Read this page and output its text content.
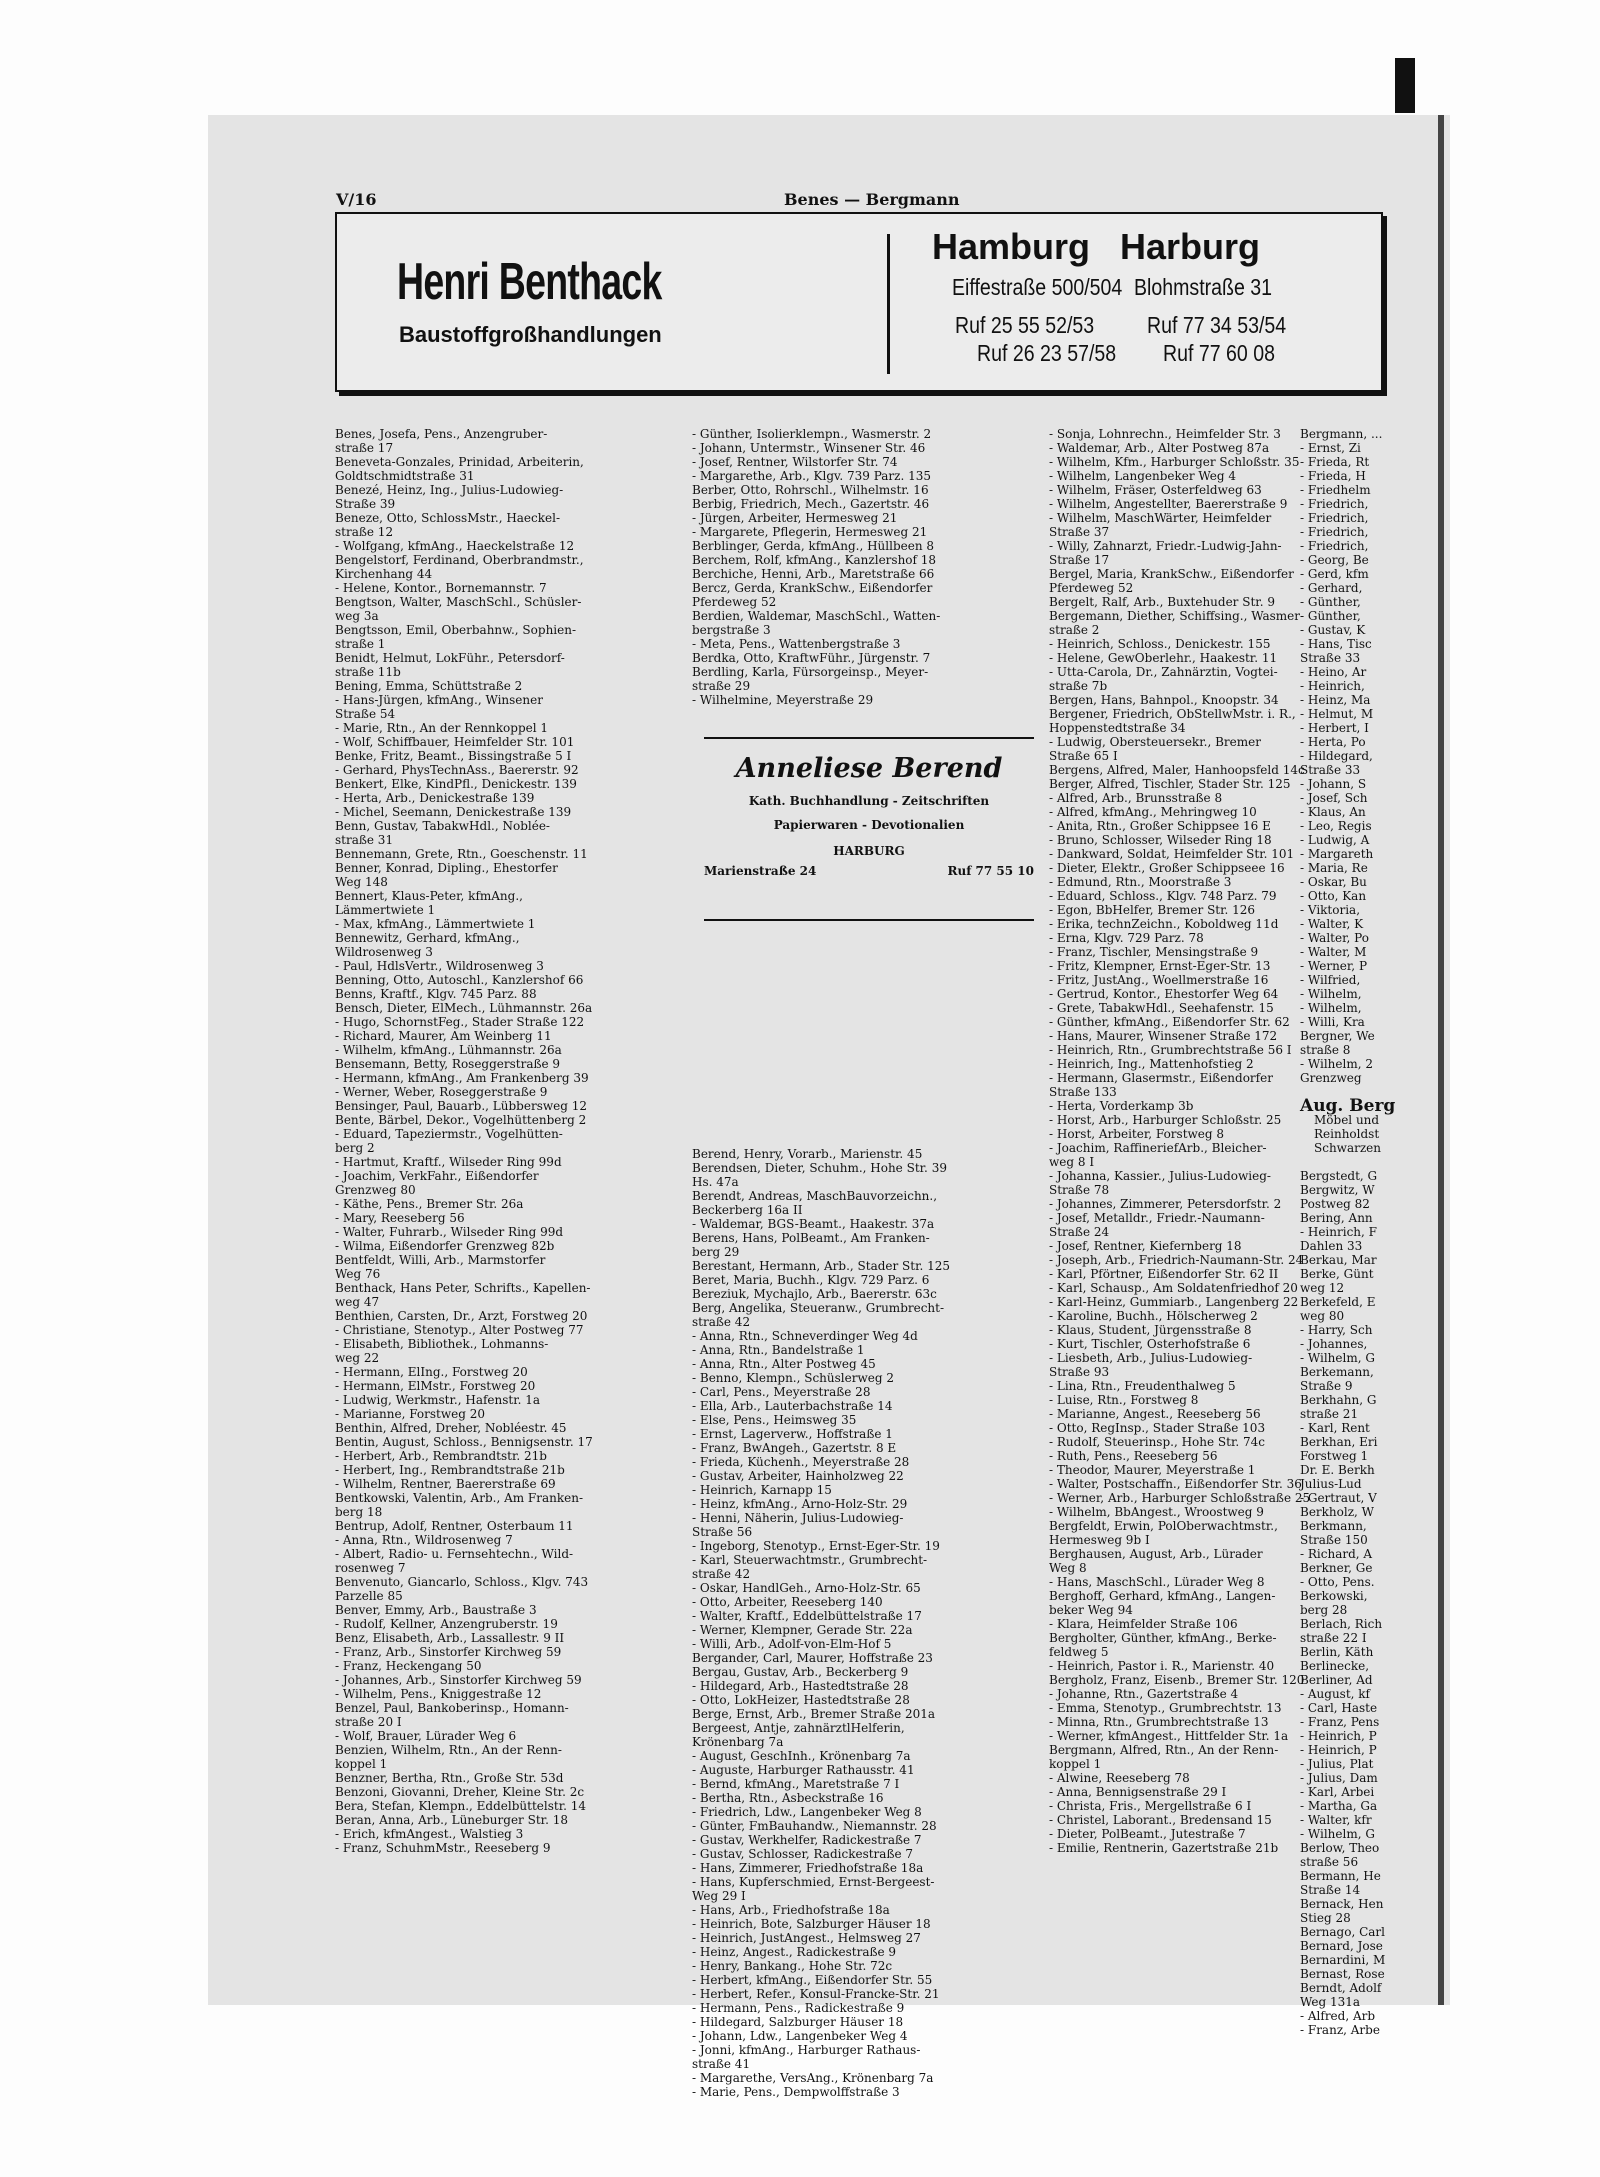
V/16	Benes — Bergmann
Henri Benthack
Baustoffgroßhandlungen
Hamburg
Eiffestraße 500/504
Ruf 25 55 52/53
Ruf 26 23 57/58
Harburg
Blohmstraße 31
Ruf 77 34 53/54
Ruf 77 60 08
Benes, Josefa, Pens., Anzengruber-
straße 17
Beneveta-Gonzales, Prinidad, Arbeiterin,
Goldtschmidtstraße 31
Benezé, Heinz, Ing., Julius-Ludowieg-
Straße 39
Beneze, Otto, SchlossMstr., Haeckel-
straße 12
- Wolfgang, kfmAng., Haeckelstraße 12
Bengelstorf, Ferdinand, Oberbrandmstr.,
Kirchenhang 44
- Helene, Kontor., Bornemannstr. 7
Bengtson, Walter, MaschSchl., Schüsler-
weg 3a
Bengtsson, Emil, Oberbahnw., Sophien-
straße 1
Benidt, Helmut, LokFühr., Petersdorf-
straße 11b
Bening, Emma, Schüttstraße 2
- Hans-Jürgen, kfmAng., Winsener
Straße 54
- Marie, Rtn., An der Rennkoppel 1
- Wolf, Schiffbauer, Heimfelder Str. 101
Benke, Fritz, Beamt., Bissingstraße 5 I
- Gerhard, PhysTechnAss., Baererstr. 92
Benkert, Elke, KindPfl., Denickestr. 139
- Herta, Arb., Denickestraße 139
- Michel, Seemann, Denickestraße 139
Benn, Gustav, TabakwHdl., Noblée-
straße 31
Bennemann, Grete, Rtn., Goeschenstr. 11
Benner, Konrad, Dipling., Ehestorfer
Weg 148
Bennert, Klaus-Peter, kfmAng.,
Lämmertwiete 1
- Max, kfmAng., Lämmertwiete 1
Bennewitz, Gerhard, kfmAng.,
Wildrosenweg 3
- Paul, HdlsVertr., Wildrosenweg 3
Benning, Otto, Autoschl., Kanzlershof 66
Benns, Kraftf., Klgv. 745 Parz. 88
Bensch, Dieter, ElMech., Lühmannstr. 26a
- Hugo, SchornstFeg., Stader Straße 122
- Richard, Maurer, Am Weinberg 11
- Wilhelm, kfmAng., Lühmannstr. 26a
Bensemann, Betty, Roseggerstraße 9
- Hermann, kfmAng., Am Frankenberg 39
- Werner, Weber, Roseggerstraße 9
Bensinger, Paul, Bauarb., Lübbersweg 12
Bente, Bärbel, Dekor., Vogelhüttenberg 2
- Eduard, Tapeziermstr., Vogelhütten-
berg 2
- Hartmut, Kraftf., Wilseder Ring 99d
- Joachim, VerkFahr., Eißendorfer
Grenzweg 80
- Käthe, Pens., Bremer Str. 26a
- Mary, Reeseberg 56
- Walter, Fuhrarb., Wilseder Ring 99d
- Wilma, Eißendorfer Grenzweg 82b
Bentfeldt, Willi, Arb., Marmstorfer
Weg 76
Benthack, Hans Peter, Schrifts., Kapellen-
weg 47
Benthien, Carsten, Dr., Arzt, Forstweg 20
- Christiane, Stenotyp., Alter Postweg 77
- Elisabeth, Bibliothek., Lohmanns-
weg 22
- Hermann, ElIng., Forstweg 20
- Hermann, ElMstr., Forstweg 20
- Ludwig, Werkmstr., Hafenstr. 1a
- Marianne, Forstweg 20
Benthin, Alfred, Dreher, Nobléestr. 45
Bentin, August, Schloss., Bennigsenstr. 17
- Herbert, Arb., Rembrandtstr. 21b
- Herbert, Ing., Rembrandtstraße 21b
- Wilhelm, Rentner, Baererstraße 69
Bentkowski, Valentin, Arb., Am Franken-
berg 18
Bentrup, Adolf, Rentner, Osterbaum 11
- Anna, Rtn., Wildrosenweg 7
- Albert, Radio- u. Fernsehtechn., Wild-
rosenweg 7
Benvenuto, Giancarlo, Schloss., Klgv. 743
Parzelle 85
Benver, Emmy, Arb., Baustraße 3
- Rudolf, Kellner, Anzengruberstr. 19
Benz, Elisabeth, Arb., Lassallestr. 9 II
- Franz, Arb., Sinstorfer Kirchweg 59
- Franz, Heckengang 50
- Johannes, Arb., Sinstorfer Kirchweg 59
- Wilhelm, Pens., Kniggestraße 12
Benzel, Paul, Bankoberinsp., Homann-
straße 20 I
- Wolf, Brauer, Lürader Weg 6
Benzien, Wilhelm, Rtn., An der Renn-
koppel 1
Benzner, Bertha, Rtn., Große Str. 53d
Benzoni, Giovanni, Dreher, Kleine Str. 2c
Bera, Stefan, Klempn., Eddelbüttelstr. 14
Beran, Anna, Arb., Lüneburger Str. 18
- Erich, kfmAngest., Walstieg 3
- Franz, SchuhmMstr., Reeseberg 9
- Günther, Isolierklempn., Wasmerstr. 2
- Johann, Untermstr., Winsener Str. 46
- Josef, Rentner, Wilstorfer Str. 74
- Margarethe, Arb., Klgv. 739 Parz. 135
Berber, Otto, Rohrschl., Wilhelmstr. 16
Berbig, Friedrich, Mech., Gazertstr. 46
- Jürgen, Arbeiter, Hermesweg 21
- Margarete, Pflegerin, Hermesweg 21
Berblinger, Gerda, kfmAng., Hüllbeen 8
Berchem, Rolf, kfmAng., Kanzlershof 18
Berchiche, Henni, Arb., Maretstraße 66
Bercz, Gerda, KrankSchw., Eißendorfer
Pferdeweg 52
Berdien, Waldemar, MaschSchl., Watten-
bergstraße 3
- Meta, Pens., Wattenbergstraße 3
Berdka, Otto, KraftwFühr., Jürgenstr. 7
Berdling, Karla, Fürsorgeinsp., Meyer-
straße 29
- Wilhelmine, Meyerstraße 29
Anneliese Berend
Kath. Buchhandlung - Zeitschriften
Papierwaren - Devotionalien
HARBURG
Marienstraße 24	Ruf 77 55 10
Berend, Henry, Vorarb., Marienstr. 45
Berendsen, Dieter, Schuhm., Hohe Str. 39
Hs. 47a
Berendt, Andreas, MaschBauvorzeichn.,
Beckerberg 16a II
- Waldemar, BGS-Beamt., Haakestr. 37a
Berens, Hans, PolBeamt., Am Franken-
berg 29
Berestant, Hermann, Arb., Stader Str. 125
Beret, Maria, Buchh., Klgv. 729 Parz. 6
Bereziuk, Mychajlo, Arb., Baererstr. 63c
Berg, Angelika, Steueranw., Grumbrecht-
straße 42
- Anna, Rtn., Schneverdinger Weg 4d
- Anna, Rtn., Bandelstraße 1
- Anna, Rtn., Alter Postweg 45
- Benno, Klempn., Schüslerweg 2
- Carl, Pens., Meyerstraße 28
- Ella, Arb., Lauterbachstraße 14
- Else, Pens., Heimsweg 35
- Ernst, Lagerverw., Hoffstraße 1
- Franz, BwAngeh., Gazertstr. 8 E
- Frieda, Küchenh., Meyerstraße 28
- Gustav, Arbeiter, Hainholzweg 22
- Heinrich, Karnapp 15
- Heinz, kfmAng., Arno-Holz-Str. 29
- Henni, Näherin, Julius-Ludowieg-
Straße 56
- Ingeborg, Stenotyp., Ernst-Eger-Str. 19
- Karl, Steuerwachtmstr., Grumbrecht-
straße 42
- Oskar, HandlGeh., Arno-Holz-Str. 65
- Otto, Arbeiter, Reeseberg 140
- Walter, Kraftf., Eddelbüttelstraße 17
- Werner, Klempner, Gerade Str. 22a
- Willi, Arb., Adolf-von-Elm-Hof 5
Bergander, Carl, Maurer, Hoffstraße 23
Bergau, Gustav, Arb., Beckerberg 9
- Hildegard, Arb., Hastedtstraße 28
- Otto, LokHeizer, Hastedtstraße 28
Berge, Ernst, Arb., Bremer Straße 201a
Bergeest, Antje, zahnärztlHelferin,
Krönenbarg 7a
- August, GeschInh., Krönenbarg 7a
- Auguste, Harburger Rathausstr. 41
- Bernd, kfmAng., Maretstraße 7 I
- Bertha, Rtn., Asbeckstraße 16
- Friedrich, Ldw., Langenbeker Weg 8
- Günter, FmBauhandw., Niemannstr. 28
- Gustav, Werkhelfer, Radickestraße 7
- Gustav, Schlosser, Radickestraße 7
- Hans, Zimmerer, Friedhofstraße 18a
- Hans, Kupferschmied, Ernst-Bergeest-
Weg 29 I
- Hans, Arb., Friedhofstraße 18a
- Heinrich, Bote, Salzburger Häuser 18
- Heinrich, JustAngest., Helmsweg 27
- Heinz, Angest., Radickestraße 9
- Henry, Bankang., Hohe Str. 72c
- Herbert, kfmAng., Eißendorfer Str. 55
- Herbert, Refer., Konsul-Francke-Str. 21
- Hermann, Pens., Radickestraße 9
- Hildegard, Salzburger Häuser 18
- Johann, Ldw., Langenbeker Weg 4
- Jonni, kfmAng., Harburger Rathaus-
straße 41
- Margarethe, VersAng., Krönenbarg 7a
- Marie, Pens., Dempwolffstraße 3
- Sonja, Lohnrechn., Heimfelder Str. 3
- Waldemar, Arb., Alter Postweg 87a
- Wilhelm, Kfm., Harburger Schloßstr. 35
- Wilhelm, Langenbeker Weg 4
- Wilhelm, Fräser, Osterfeldweg 63
- Wilhelm, Angestellter, Baererstraße 9
- Wilhelm, MaschWärter, Heimfelder
Straße 37
- Willy, Zahnarzt, Friedr.-Ludwig-Jahn-
Straße 17
Bergel, Maria, KrankSchw., Eißendorfer
Pferdeweg 52
Bergelt, Ralf, Arb., Buxtehuder Str. 9
Bergemann, Diether, Schiffsing., Wasmer-
straße 2
- Heinrich, Schloss., Denickestr. 155
- Helene, GewOberlehr., Haakestr. 11
- Utta-Carola, Dr., Zahnärztin, Vogtei-
straße 7b
Bergen, Hans, Bahnpol., Knoopstr. 34
Bergener, Friedrich, ObStellwMstr. i. R.,
Hoppenstedtstraße 34
- Ludwig, Obersteuersekr., Bremer
Straße 65 I
Bergens, Alfred, Maler, Hanhoopsfeld 14c
Berger, Alfred, Tischler, Stader Str. 125
- Alfred, Arb., Brunsstraße 8
- Alfred, kfmAng., Mehringweg 10
- Anita, Rtn., Großer Schippsee 16 E
- Bruno, Schlosser, Wilseder Ring 18
- Dankward, Soldat, Heimfelder Str. 101
- Dieter, Elektr., Großer Schippseee 16
- Edmund, Rtn., Moorstraße 3
- Eduard, Schloss., Klgv. 748 Parz. 79
- Egon, BbHelfer, Bremer Str. 126
- Erika, technZeichn., Koboldweg 11d
- Erna, Klgv. 729 Parz. 78
- Franz, Tischler, Mensingstraße 9
- Fritz, Klempner, Ernst-Eger-Str. 13
- Fritz, JustAng., Woellmerstraße 16
- Gertrud, Kontor., Ehestorfer Weg 64
- Grete, TabakwHdl., Seehafenstr. 15
- Günther, kfmAng., Eißendorfer Str. 62
- Hans, Maurer, Winsener Straße 172
- Heinrich, Rtn., Grumbrechtstraße 56 I
- Heinrich, Ing., Mattenhofstieg 2
- Hermann, Glasermstr., Eißendorfer
Straße 133
- Herta, Vorderkamp 3b
- Horst, Arb., Harburger Schloßstr. 25
- Horst, Arbeiter, Forstweg 8
- Joachim, RaffineriefArb., Bleicher-
weg 8 I
- Johanna, Kassier., Julius-Ludowieg-
Straße 78
- Johannes, Zimmerer, Petersdorfstr. 2
- Josef, Metalldr., Friedr.-Naumann-
Straße 24
- Josef, Rentner, Kiefernberg 18
- Joseph, Arb., Friedrich-Naumann-Str. 24
- Karl, Pförtner, Eißendorfer Str. 62 II
- Karl, Schausp., Am Soldatenfriedhof 20
- Karl-Heinz, Gummiarb., Langenberg 22
- Karoline, Buchh., Hölscherweg 2
- Klaus, Student, Jürgensstraße 8
- Kurt, Tischler, Osterhofstraße 6
- Liesbeth, Arb., Julius-Ludowieg-
Straße 93
- Lina, Rtn., Freudenthalweg 5
- Luise, Rtn., Forstweg 8
- Marianne, Angest., Reeseberg 56
- Otto, RegInsp., Stader Straße 103
- Rudolf, Steuerinsp., Hohe Str. 74c
- Ruth, Pens., Reeseberg 56
- Theodor, Maurer, Meyerstraße 1
- Walter, Postschaffn., Eißendorfer Str. 36
- Werner, Arb., Harburger Schloßstraße 25
- Wilhelm, BbAngest., Wroostweg 9
Bergfeldt, Erwin, PolOberwachtmstr.,
Hermesweg 9b I
Berghausen, August, Arb., Lürader
Weg 8
- Hans, MaschSchl., Lürader Weg 8
Berghoff, Gerhard, kfmAng., Langen-
beker Weg 94
- Klara, Heimfelder Straße 106
Bergholter, Günther, kfmAng., Berke-
feldweg 5
- Heinrich, Pastor i. R., Marienstr. 40
Bergholz, Franz, Eisenb., Bremer Str. 120
- Johanne, Rtn., Gazertstraße 4
- Emma, Stenotyp., Grumbrechtstr. 13
- Minna, Rtn., Grumbrechtstraße 13
- Werner, kfmAngest., Hittfelder Str. 1a
Bergmann, Alfred, Rtn., An der Renn-
koppel 1
- Alwine, Reeseberg 78
- Anna, Bennigsenstraße 29 I
- Christa, Fris., Mergellstraße 6 I
- Christel, Laborant., Bredensand 15
- Dieter, PolBeamt., Jutestraße 7
- Emilie, Rentnerin, Gazertstraße 21b
Bergmann, ...
- Ernst, Zi
- Frieda, Rt
- Frieda, H
- Friedhelm
- Friedrich,
- Friedrich,
- Friedrich,
- Friedrich,
- Georg, Be
- Gerd, kfm
- Gerhard,
- Günther,
- Günther,
- Gustav, K
- Hans, Tisc
Straße 33
- Heino, Ar
- Heinrich,
- Heinz, Ma
- Helmut, M
- Herbert, I
- Herta, Po
- Hildegard,
Straße 33
- Johann, S
- Josef, Sch
- Klaus, An
- Leo, Regis
- Ludwig, A
- Margareth
- Maria, Re
- Oskar, Bu
- Otto, Kan
- Viktoria,
- Walter, K
- Walter, Po
- Walter, M
- Werner, P
- Wilfried,
- Wilhelm,
- Wilhelm,
- Willi, Kra
Bergner, We
straße 8
- Wilhelm, 2
Grenzweg
Aug. Berg
Möbel und
Reinholdst
Schwarzen
Bergstedt, G
Bergwitz, W
Postweg 82
Bering, Ann
- Heinrich, F
Dahlen 33
Berkau, Mar
Berke, Günt
weg 12
Berkefeld, E
weg 80
- Harry, Sch
- Johannes,
- Wilhelm, G
Berkemann,
Straße 9
Berkhahn, G
straße 21
- Karl, Rent
Berkhan, Eri
Forstweg 1
Dr. E. Berkh
Julius-Lud
- Gertraut, V
Berkholz, W
Berkmann,
Straße 150
- Richard, A
Berkner, Ge
- Otto, Pens.
Berkowski,
berg 28
Berlach, Rich
straße 22 I
Berlin, Käth
Berlinecke,
Berliner, Ad
- August, kf
- Carl, Haste
- Franz, Pens
- Heinrich, P
- Heinrich, P
- Julius, Plat
- Julius, Dam
- Karl, Arbei
- Martha, Ga
- Walter, kfr
- Wilhelm, G
Berlow, Theo
straße 56
Bermann, He
Straße 14
Bernack, Hen
Stieg 28
Bernago, Carl
Bernard, Jose
Bernardini, M
Bernast, Rose
Berndt, Adolf
Weg 131a
- Alfred, Arb
- Franz, Arbe
